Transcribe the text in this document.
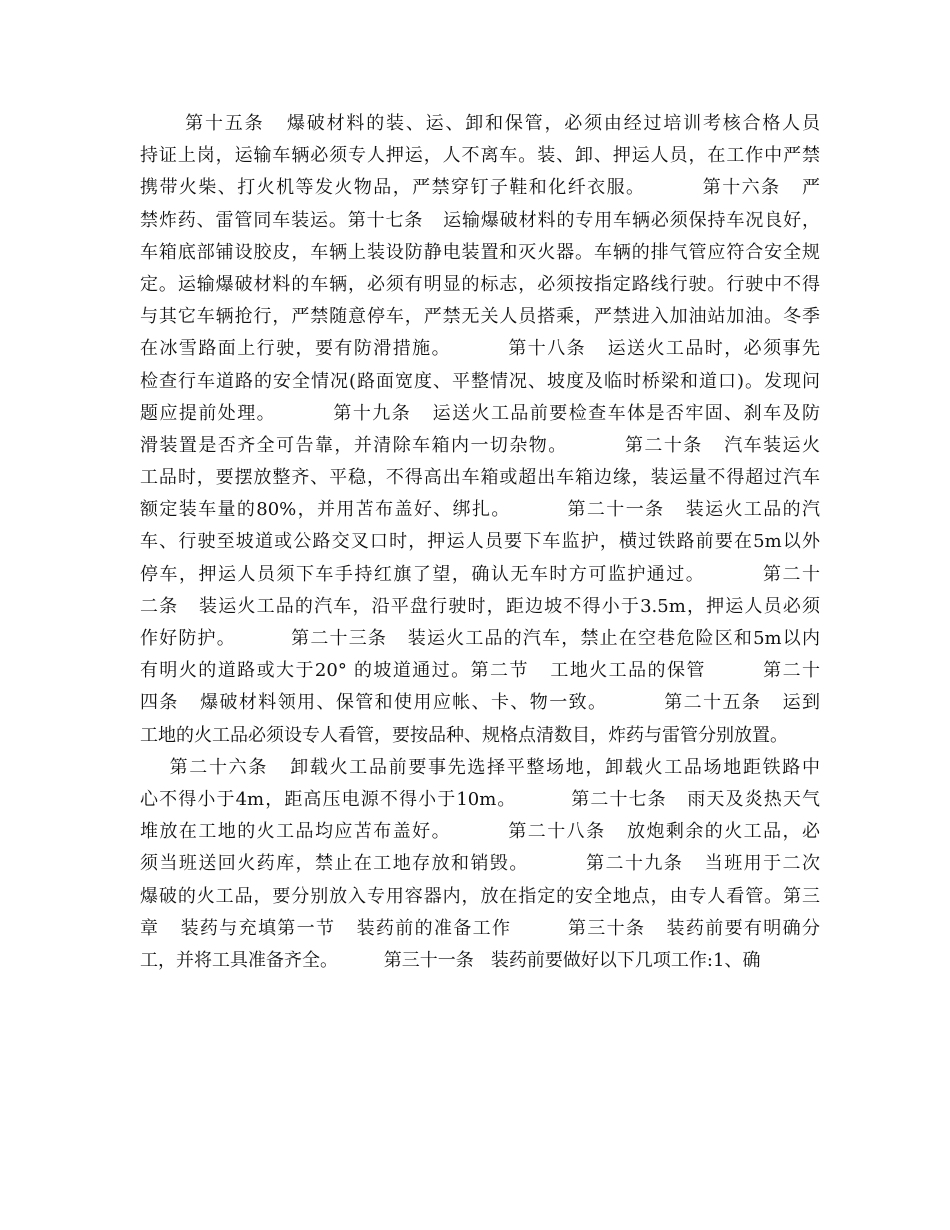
第十五条   爆破材料的装、运、卸和保管，必须由经过培训考核合格人员
持证上岗，运输车辆必须专人押运，人不离车。装、卸、押运人员，在工作中严禁
携带火柴、打火机等发火物品，严禁穿钉子鞋和化纤衣服。        第十六条   严
禁炸药、雷管同车装运。第十七条   运输爆破材料的专用车辆必须保持车况良好，
车箱底部铺设胶皮，车辆上装设防静电装置和灭火器。车辆的排气管应符合安全规
定。运输爆破材料的车辆，必须有明显的标志，必须按指定路线行驶。行驶中不得
与其它车辆抢行，严禁随意停车，严禁无关人员搭乘，严禁进入加油站加油。冬季
在冰雪路面上行驶，要有防滑措施。        第十八条   运送火工品时，必须事先
检查行车道路的安全情况(路面宽度、平整情况、坡度及临时桥梁和道口)。发现问
题应提前处理。        第十九条   运送火工品前要检查车体是否牢固、刹车及防
滑装置是否齐全可告靠，并清除车箱内一切杂物。        第二十条   汽车装运火
工品时，要摆放整齐、平稳，不得高出车箱或超出车箱边缘，装运量不得超过汽车
额定装车量的80%，并用苫布盖好、绑扎。        第二十一条   装运火工品的汽
车、行驶至坡道或公路交叉口时，押运人员要下车监护，横过铁路前要在5m以外
停车，押运人员须下车手持红旗了望，确认无车时方可监护通过。        第二十
二条   装运火工品的汽车，沿平盘行驶时，距边坡不得小于3.5m，押运人员必须
作好防护。        第二十三条   装运火工品的汽车，禁止在空巷危险区和5m以内
有明火的道路或大于20° 的坡道通过。第二节   工地火工品的保管        第二十
四条   爆破材料领用、保管和使用应帐、卡、物一致。        第二十五条   运到
工地的火工品必须设专人看管，要按品种、规格点清数目，炸药与雷管分别放置。
第二十六条   卸载火工品前要事先选择平整场地，卸载火工品场地距铁路中
心不得小于4m，距高压电源不得小于10m。        第二十七条   雨天及炎热天气
堆放在工地的火工品均应苫布盖好。        第二十八条   放炮剩余的火工品，必
须当班送回火药库，禁止在工地存放和销毁。        第二十九条   当班用于二次
爆破的火工品，要分别放入专用容器内，放在指定的安全地点，由专人看管。第三
章   装药与充填第一节   装药前的准备工作        第三十条   装药前要有明确分
工，并将工具准备齐全。        第三十一条   装药前要做好以下几项工作:1、确
